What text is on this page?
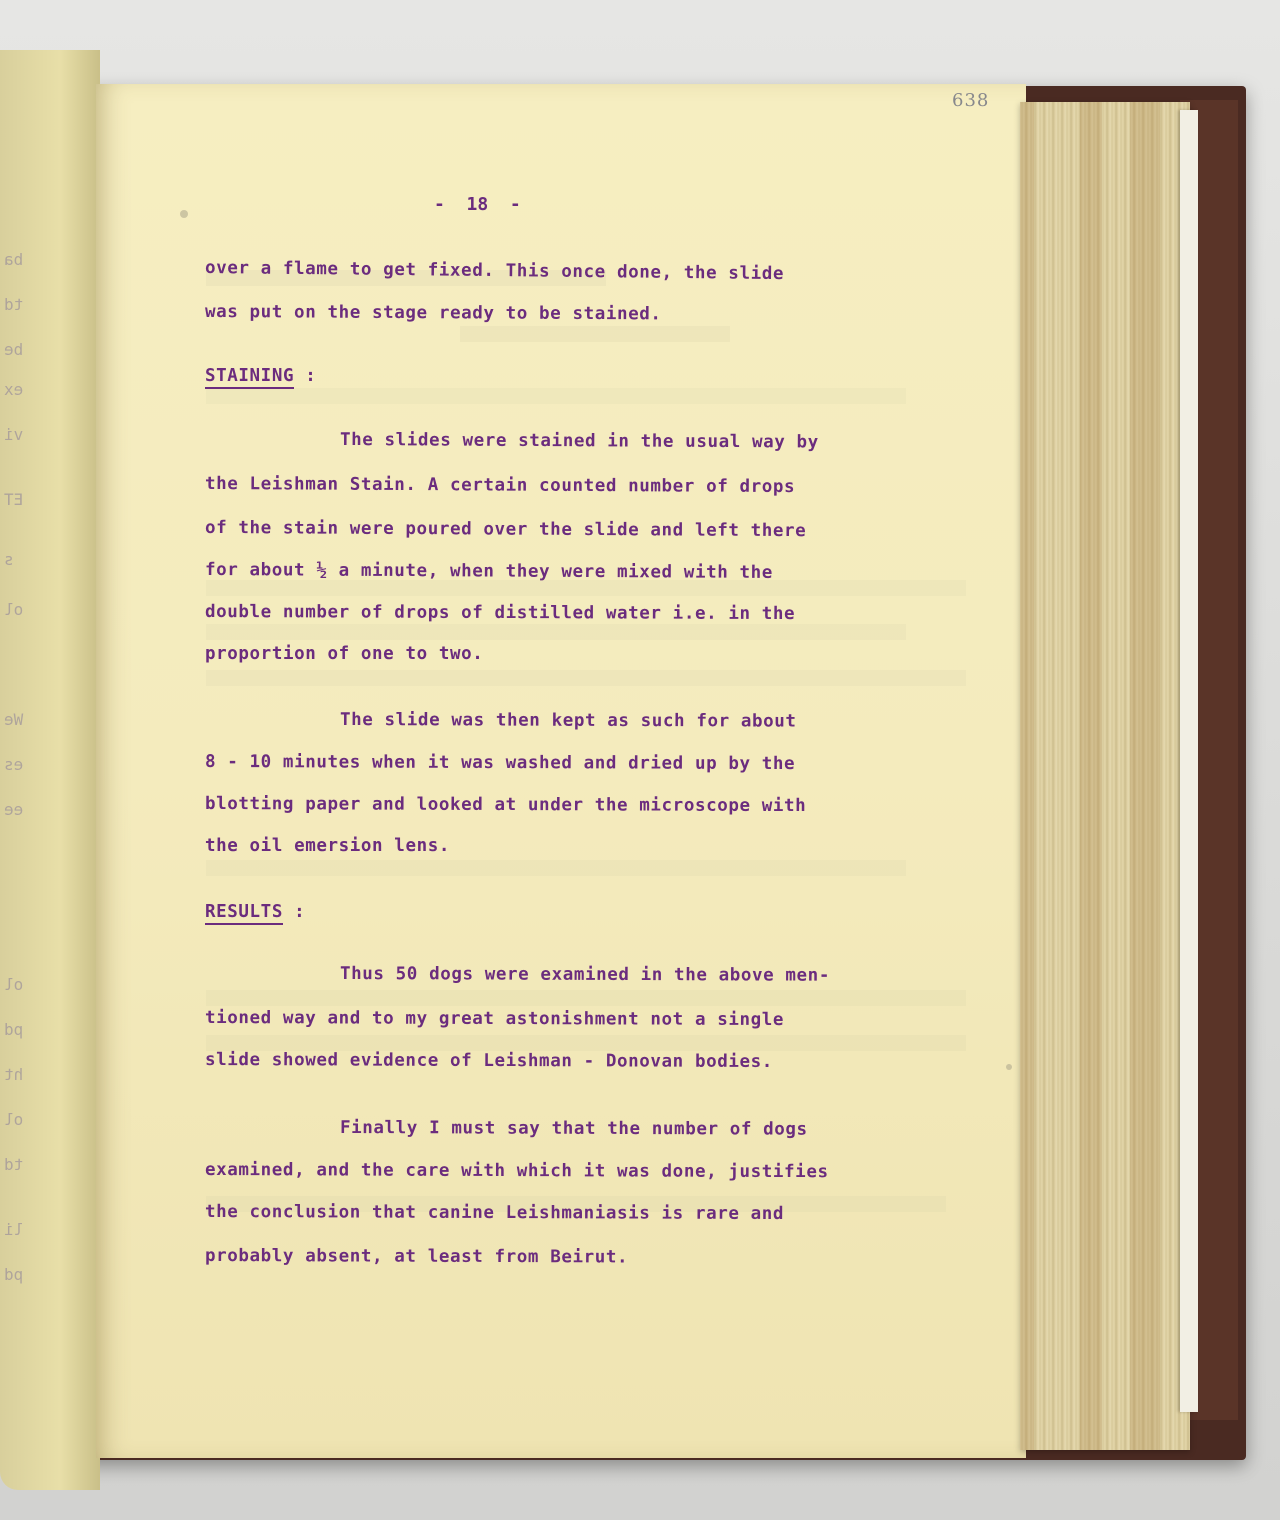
ba
td
be
ex
vi
ET
s
ol
We
es
ee
ol
pd
ht
ol
td
li
pd
638
-  18  -
over a flame to get fixed. This once done, the slide
was put on the stage ready to be stained.
STAINING :
The slides were stained in the usual way by
the Leishman Stain. A certain counted number of drops
of the stain were poured over the slide and left there
for about ½ a minute, when they were mixed with the
double number of drops of distilled water i.e. in the
proportion of one to two.
The slide was then kept as such for about
8 - 10 minutes when it was washed and dried up by the
blotting paper and looked at under the microscope with
the oil emersion lens.
RESULTS :
Thus 50 dogs were examined in the above men-
tioned way and to my great astonishment not a single
slide showed evidence of Leishman - Donovan bodies.
Finally I must say that the number of dogs
examined, and the care with which it was done, justifies
the conclusion that canine Leishmaniasis is rare and
probably absent, at least from Beirut.
